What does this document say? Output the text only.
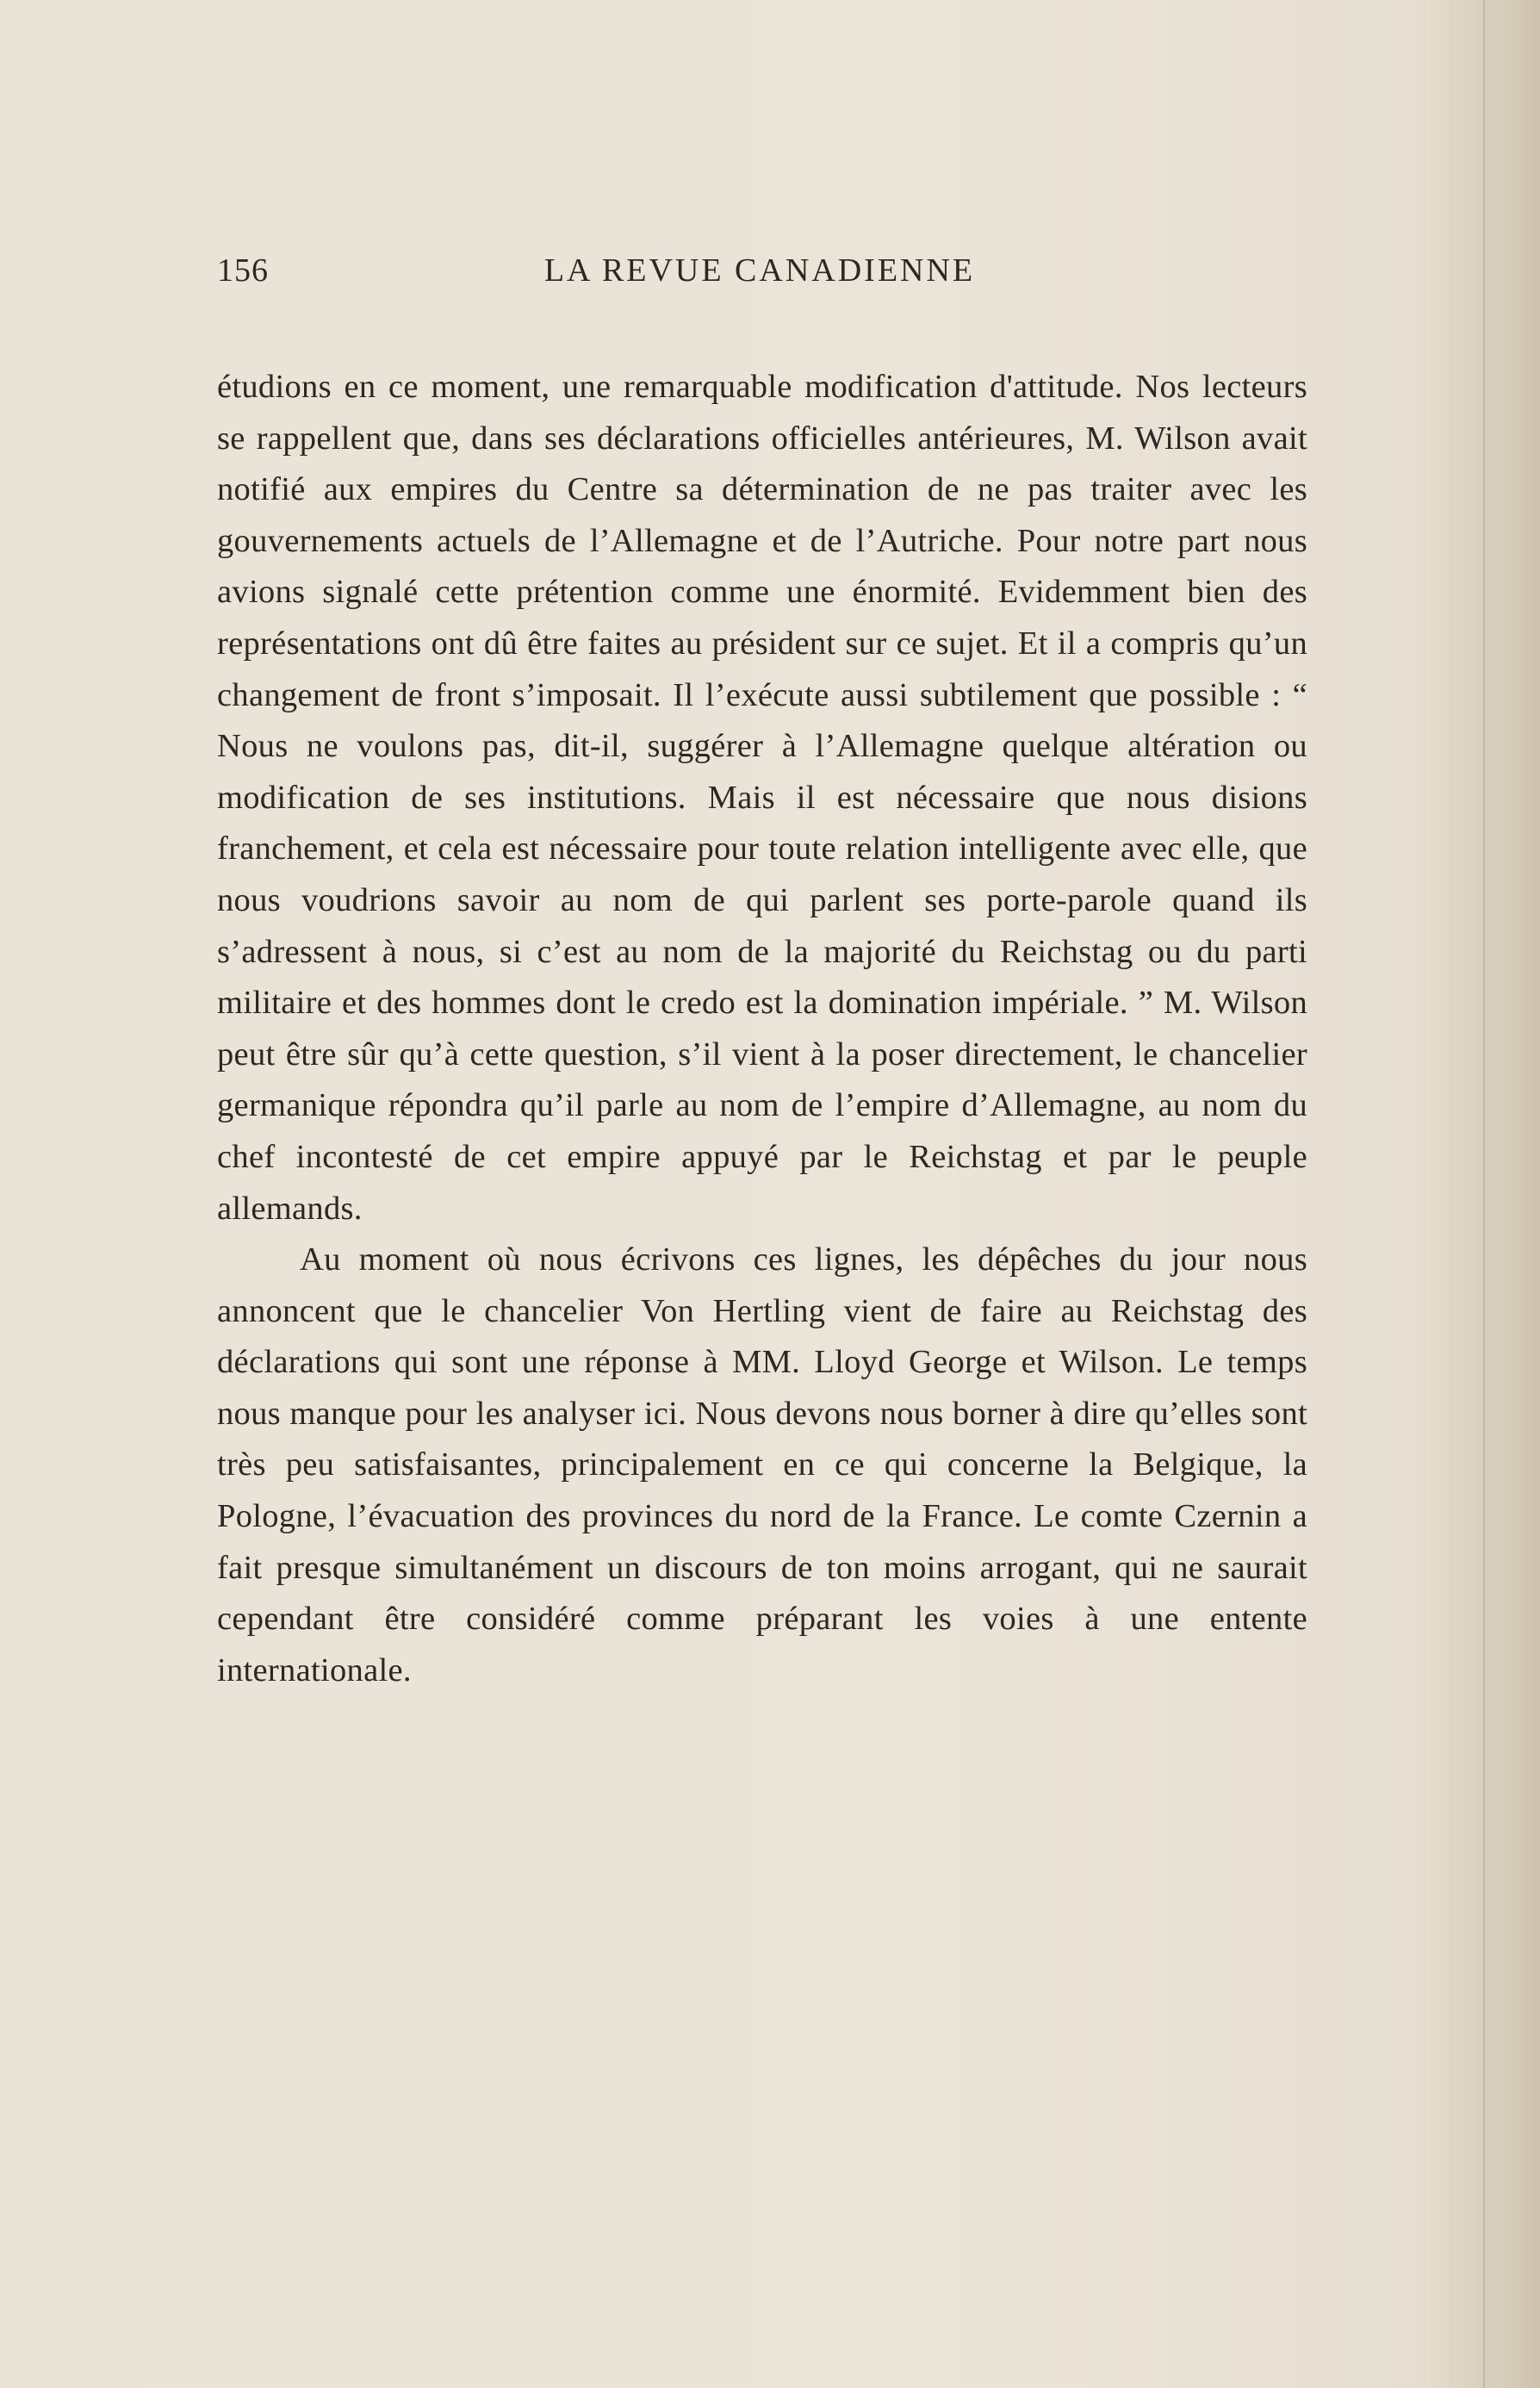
156	LA REVUE CANADIENNE

étudions en ce moment, une remarquable modification d'attitude. Nos lecteurs se rappellent que, dans ses déclarations officielles antérieures, M. Wilson avait notifié aux empires du Centre sa détermination de ne pas traiter avec les gouvernements actuels de l’Allemagne et de l’Autriche. Pour notre part nous avions signalé cette prétention comme une énormité. Evidemment bien des représentations ont dû être faites au président sur ce sujet. Et il a compris qu’un changement de front s’imposait. Il l’exécute aussi subtilement que possible : “ Nous ne voulons pas, dit-il, suggérer à l’Allemagne quelque altération ou modification de ses institutions. Mais il est nécessaire que nous disions franchement, et cela est nécessaire pour toute relation intelligente avec elle, que nous voudrions savoir au nom de qui parlent ses porte-parole quand ils s’adressent à nous, si c’est au nom de la majorité du Reichstag ou du parti militaire et des hommes dont le credo est la domination impériale. ” M. Wilson peut être sûr qu’à cette question, s’il vient à la poser directement, le chancelier germanique répondra qu’il parle au nom de l’empire d’Allemagne, au nom du chef incontesté de cet empire appuyé par le Reichstag et par le peuple allemands.

Au moment où nous écrivons ces lignes, les dépêches du jour nous annoncent que le chancelier Von Hertling vient de faire au Reichstag des déclarations qui sont une réponse à MM. Lloyd George et Wilson. Le temps nous manque pour les analyser ici. Nous devons nous borner à dire qu’elles sont très peu satisfaisantes, principalement en ce qui concerne la Belgique, la Pologne, l’évacuation des provinces du nord de la France. Le comte Czernin a fait presque simultanément un discours de ton moins arrogant, qui ne saurait cependant être considéré comme préparant les voies à une entente internationale.
